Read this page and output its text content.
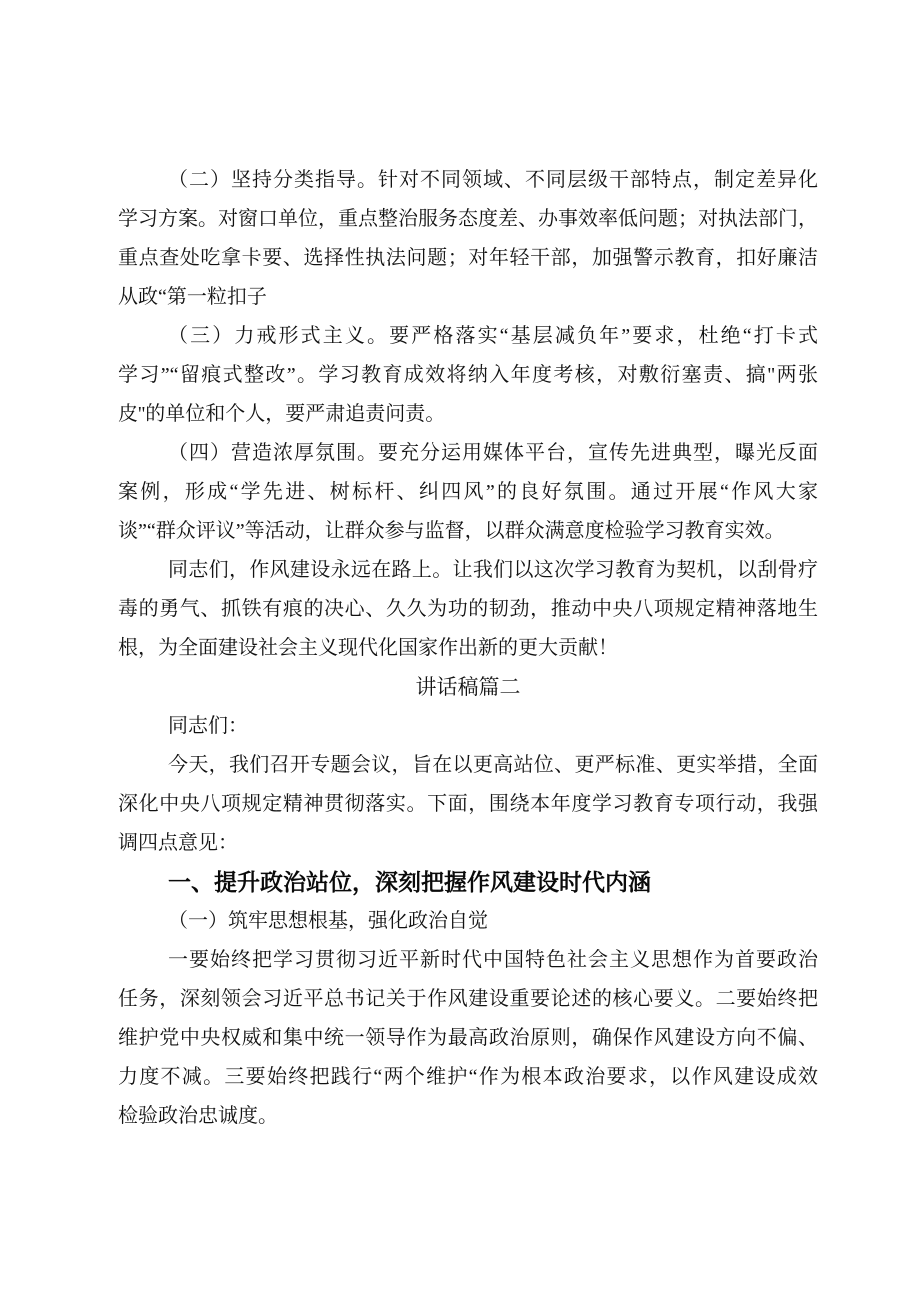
（二）坚持分类指导。针对不同领域、不同层级干部特点，制定差异化
学习方案。对窗口单位，重点整治服务态度差、办事效率低问题；对执法部门，
重点查处吃拿卡要、选择性执法问题；对年轻干部，加强警示教育，扣好廉洁
从政“第一粒扣子
（三）力戒形式主义。要严格落实“基层减负年”要求，杜绝“打卡式
学习”“留痕式整改”。学习教育成效将纳入年度考核，对敷衍塞责、搞"两张
皮''的单位和个人，要严肃追责问责。
（四）营造浓厚氛围。要充分运用媒体平台，宣传先进典型，曝光反面
案例，形成“学先进、树标杆、纠四风”的良好氛围。通过开展“作风大家
谈”“群众评议”等活动，让群众参与监督，以群众满意度检验学习教育实效。
同志们，作风建设永远在路上。让我们以这次学习教育为契机，以刮骨疗
毒的勇气、抓铁有痕的决心、久久为功的韧劲，推动中央八项规定精神落地生
根，为全面建设社会主义现代化国家作出新的更大贡献！
讲话稿篇二
同志们：
今天，我们召开专题会议，旨在以更高站位、更严标准、更实举措，全面
深化中央八项规定精神贯彻落实。下面，围绕本年度学习教育专项行动，我强
调四点意见：
一、提升政治站位，深刻把握作风建设时代内涵
（一）筑牢思想根基，强化政治自觉
一要始终把学习贯彻习近平新时代中国特色社会主义思想作为首要政治
任务，深刻领会习近平总书记关于作风建设重要论述的核心要义。二要始终把
维护党中央权威和集中统一领导作为最高政治原则，确保作风建设方向不偏、
力度不减。三要始终把践行“两个维护“作为根本政治要求，以作风建设成效
检验政治忠诚度。
